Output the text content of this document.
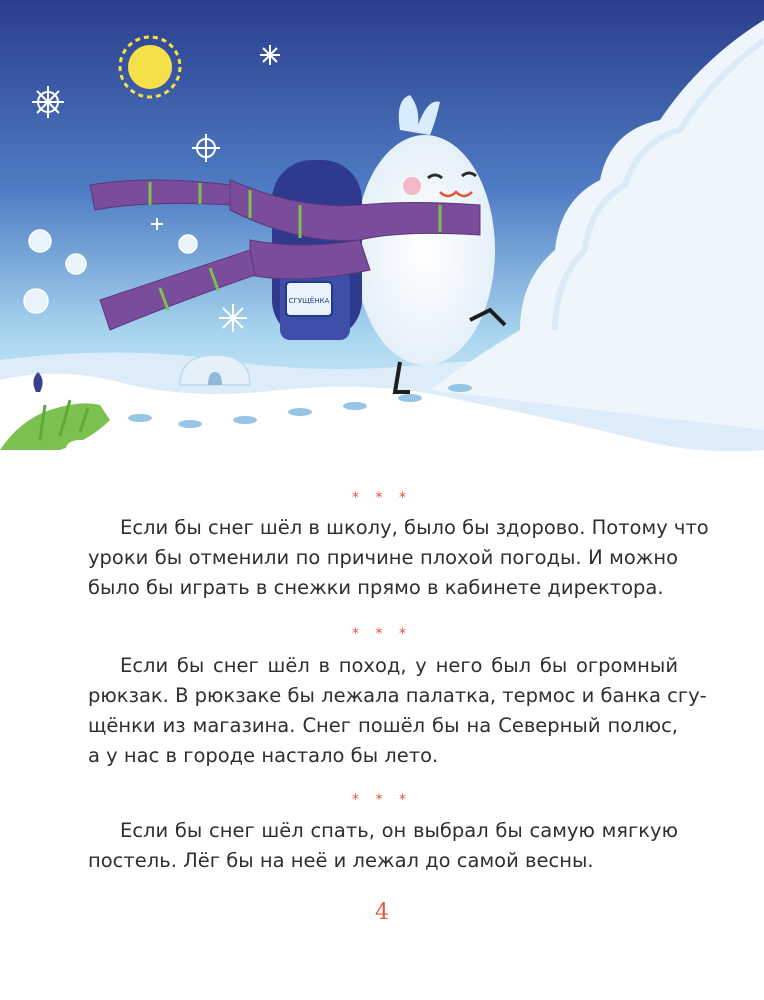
СГУЩЁНКА
* * *

Если бы снег шёл в школу, было бы здорово. Потому что
уроки бы отменили по причине плохой погоды. И можно
было бы играть в снежки прямо в кабинете директора.

* * *

Если бы снег шёл в поход, у него был бы огромный
рюкзак. В рюкзаке бы лежала палатка, термос и банка сгу-
щёнки из магазина. Снег пошёл бы на Северный полюс,
а у нас в городе настало бы лето.

* * *

Если бы снег шёл спать, он выбрал бы самую мягкую
постель. Лёг бы на неё и лежал до самой весны.

4
